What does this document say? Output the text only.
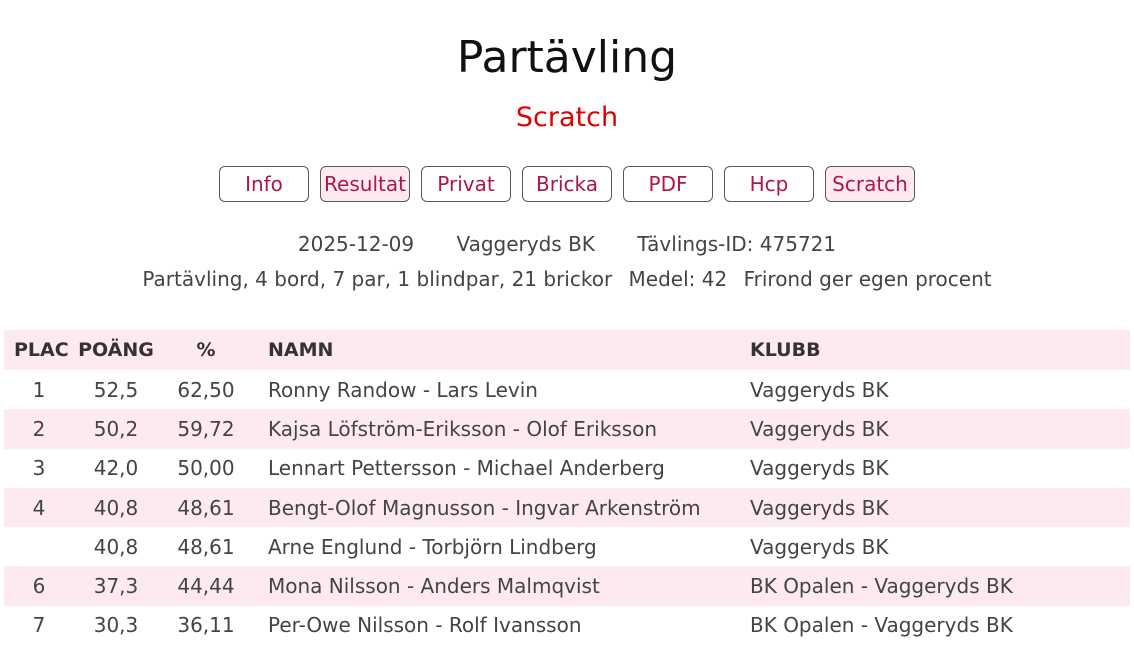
Partävling
Scratch
Info	Resultat	Privat	Bricka	PDF	Hcp	Scratch
2025-12-09 Vaggeryds BK Tävlings-ID: 475721
Partävling, 4 bord, 7 par, 1 blindpar, 21 brickor Medel: 42 Frirond ger egen procent
PLAC	POÄNG	%	NAMN	KLUBB
1	52,5	62,50	Ronny Randow - Lars Levin	Vaggeryds BK
2	50,2	59,72	Kajsa Löfström-Eriksson - Olof Eriksson	Vaggeryds BK
3	42,0	50,00	Lennart Pettersson - Michael Anderberg	Vaggeryds BK
4	40,8	48,61	Bengt-Olof Magnusson - Ingvar Arkenström	Vaggeryds BK
	40,8	48,61	Arne Englund - Torbjörn Lindberg	Vaggeryds BK
6	37,3	44,44	Mona Nilsson - Anders Malmqvist	BK Opalen - Vaggeryds BK
7	30,3	36,11	Per-Owe Nilsson - Rolf Ivansson	BK Opalen - Vaggeryds BK
